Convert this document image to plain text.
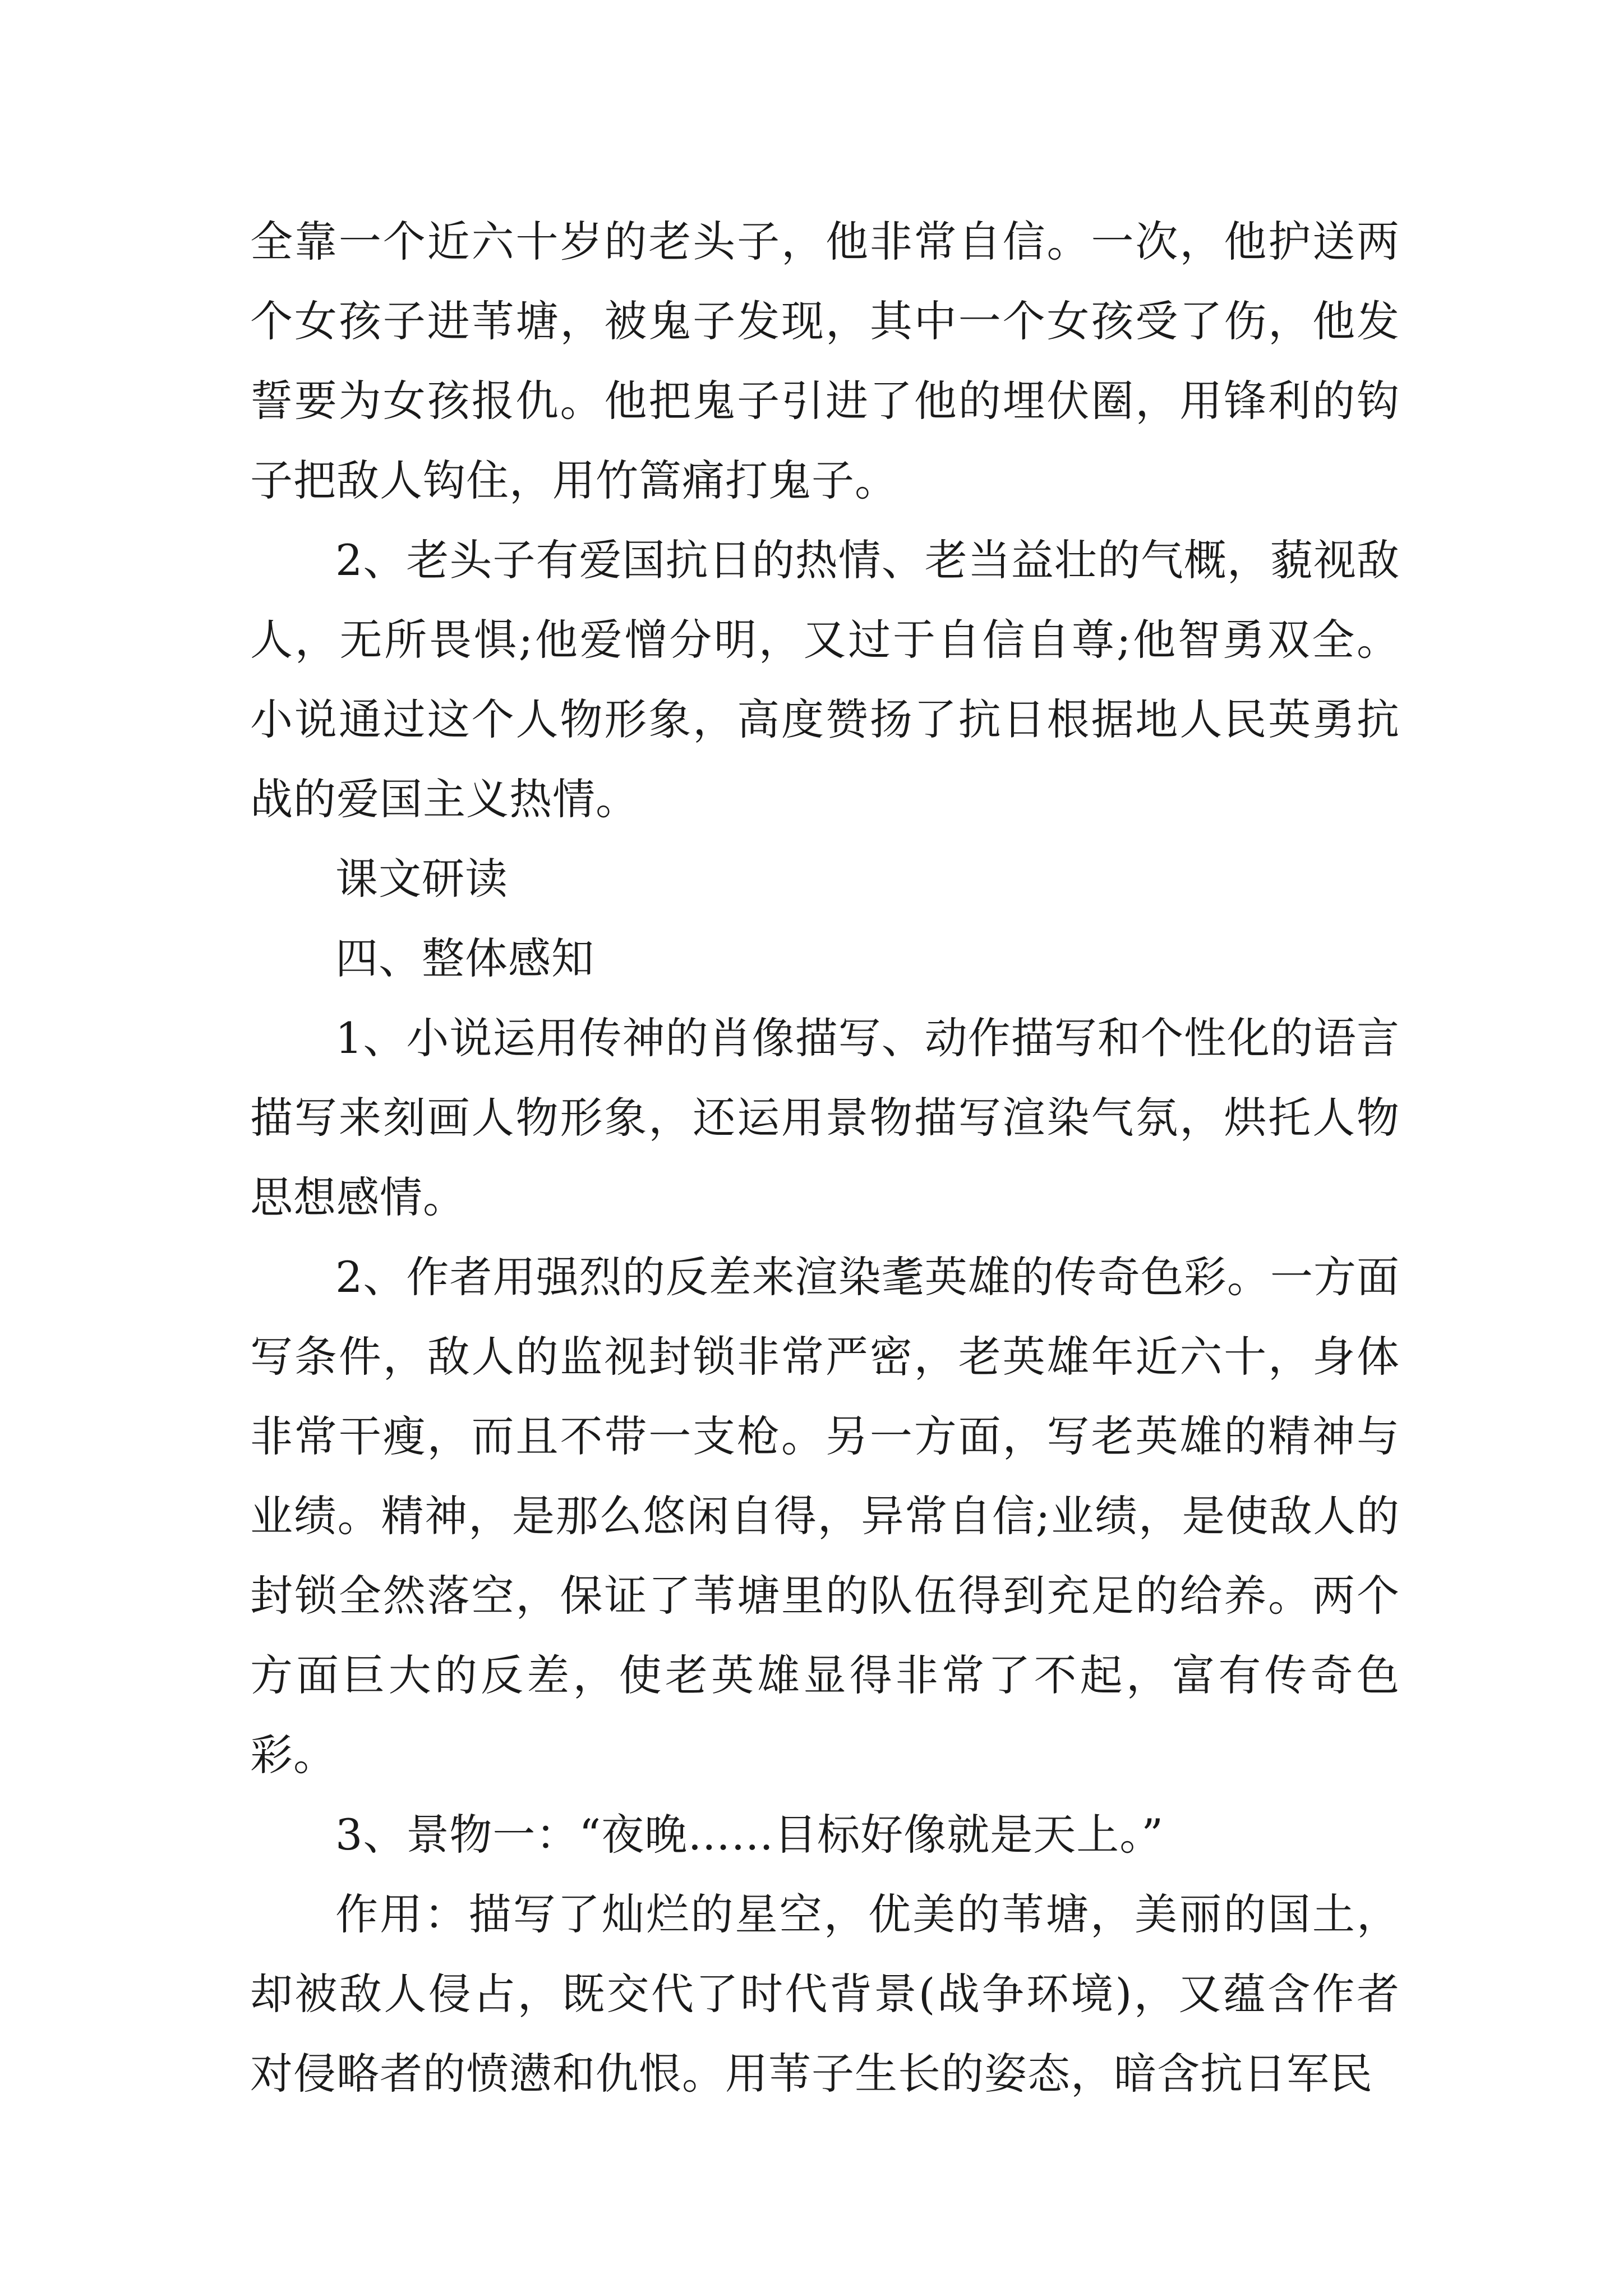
全靠一个近六十岁的老头子，他非常自信。一次，他护送两个女孩子进苇塘，被鬼子发现，其中一个女孩受了伤，他发誓要为女孩报仇。他把鬼子引进了他的埋伏圈，用锋利的钩子把敌人钩住，用竹篙痛打鬼子。

2、老头子有爱国抗日的热情、老当益壮的气概，藐视敌人，无所畏惧;他爱憎分明，又过于自信自尊;他智勇双全。小说通过这个人物形象，高度赞扬了抗日根据地人民英勇抗战的爱国主义热情。

课文研读

四、整体感知

1、小说运用传神的肖像描写、动作描写和个性化的语言描写来刻画人物形象，还运用景物描写渲染气氛，烘托人物思想感情。

2、作者用强烈的反差来渲染耄英雄的传奇色彩。一方面写条件，敌人的监视封锁非常严密，老英雄年近六十，身体非常干瘦，而且不带一支枪。另一方面，写老英雄的精神与业绩。精神，是那么悠闲自得，异常自信;业绩，是使敌人的封锁全然落空，保证了苇塘里的队伍得到充足的给养。两个方面巨大的反差，使老英雄显得非常了不起，富有传奇色彩。

3、景物一：“夜晚……目标好像就是天上。”

作用：描写了灿烂的星空，优美的苇塘，美丽的国土，却被敌人侵占，既交代了时代背景(战争环境)，又蕴含作者对侵略者的愤懑和仇恨。用苇子生长的姿态，暗含抗日军民
